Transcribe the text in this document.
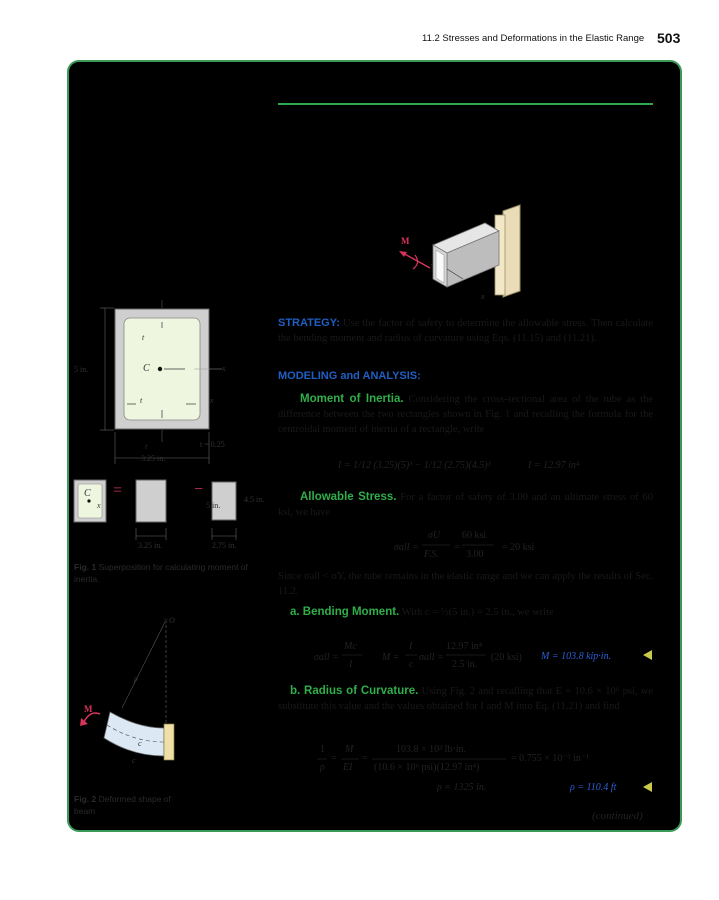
11.2 Stresses and Deformations in the Elastic Range 503
M
x
t
t
t
C
5 in.
3.25 in.
t = 0.25
x
x
C
x
=	−
5 in.
3.25 in.
4.5 in.
2.75 in.
Fig. 1 Superposition for calculating moment of inertia.
O
ρ
M
c
c
Fig. 2 Deformed shape of beam
STRATEGY: Use the factor of safety to determine the allowable stress. Then calculate the bending moment and radius of curvature using Eqs. (11.15) and (11.21).
MODELING and ANALYSIS:
Moment of Inertia. Considering the cross-sectional area of the tube as the difference between the two rectangles shown in Fig. 1 and recalling the formula for the centroidal moment of inertia of a rectangle, write
I = 1/12 (3.25)(5)³ − 1/12 (2.75)(4.5)³	I = 12.97 in⁴
Allowable Stress. For a factor of safety of 3.00 and an ultimate stress of 60 ksi, we have
σall =
σU
F.S.
=
60 ksi
3.00
= 20 ksi
Since σall < σY, the tube remains in the elastic range and we can apply the results of Sec. 11.2.
a. Bending Moment. With c = ½(5 in.) = 2.5 in., we write
σall =
Mc
I
M =
I
c
σall =
12.97 in⁴
2.5 in.
(20 ksi) M = 103.8 kip·in.
b. Radius of Curvature. Using Fig. 2 and recalling that E = 10.6 × 10⁶ psi, we substitute this value and the values obtained for I and M into Eq. (11.21) and find
1
ρ
=
M
EI
=
103.8 × 10³ lb·in.
(10.6 × 10⁶ psi)(12.97 in⁴)
= 0.755 × 10⁻³ in⁻¹
ρ = 1325 in.	ρ = 110.4 ft
(continued)
